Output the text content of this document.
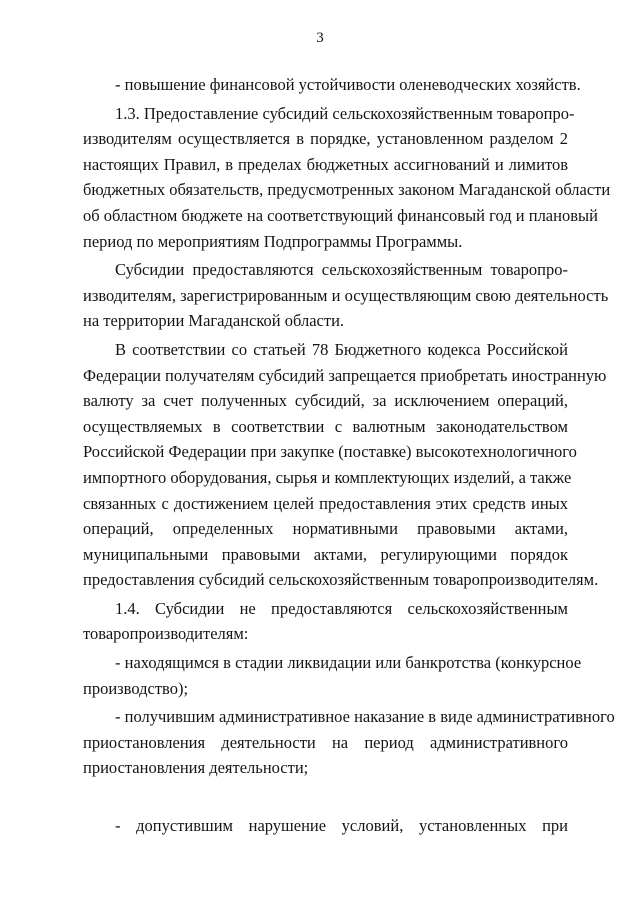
3
- повышение финансовой устойчивости оленеводческих хозяйств.
1.3. Предоставление субсидий сельскохозяйственным товаропро-
изводителям осуществляется в порядке, установленном разделом 2
настоящих Правил, в пределах бюджетных ассигнований и лимитов
бюджетных обязательств, предусмотренных законом Магаданской области
об областном бюджете на соответствующий финансовый год и плановый
период по мероприятиям Подпрограммы Программы.
Субсидии предоставляются сельскохозяйственным товаропро-
изводителям, зарегистрированным и осуществляющим свою деятельность
на территории Магаданской области.
В соответствии со статьей 78 Бюджетного кодекса Российской
Федерации получателям субсидий запрещается приобретать иностранную
валюту за счет полученных субсидий, за исключением операций,
осуществляемых в соответствии с валютным законодательством
Российской Федерации при закупке (поставке) высокотехнологичного
импортного оборудования, сырья и комплектующих изделий, а также
связанных с достижением целей предоставления этих средств иных
операций, определенных нормативными правовыми актами,
муниципальными правовыми актами, регулирующими порядок
предоставления субсидий сельскохозяйственным товаропроизводителям.
1.4. Субсидии не предоставляются сельскохозяйственным
товаропроизводителям:
- находящимся в стадии ликвидации или банкротства (конкурсное
производство);
- получившим административное наказание в виде административного
приостановления деятельности на период административного
приостановления деятельности;
- допустившим нарушение условий, установленных при
